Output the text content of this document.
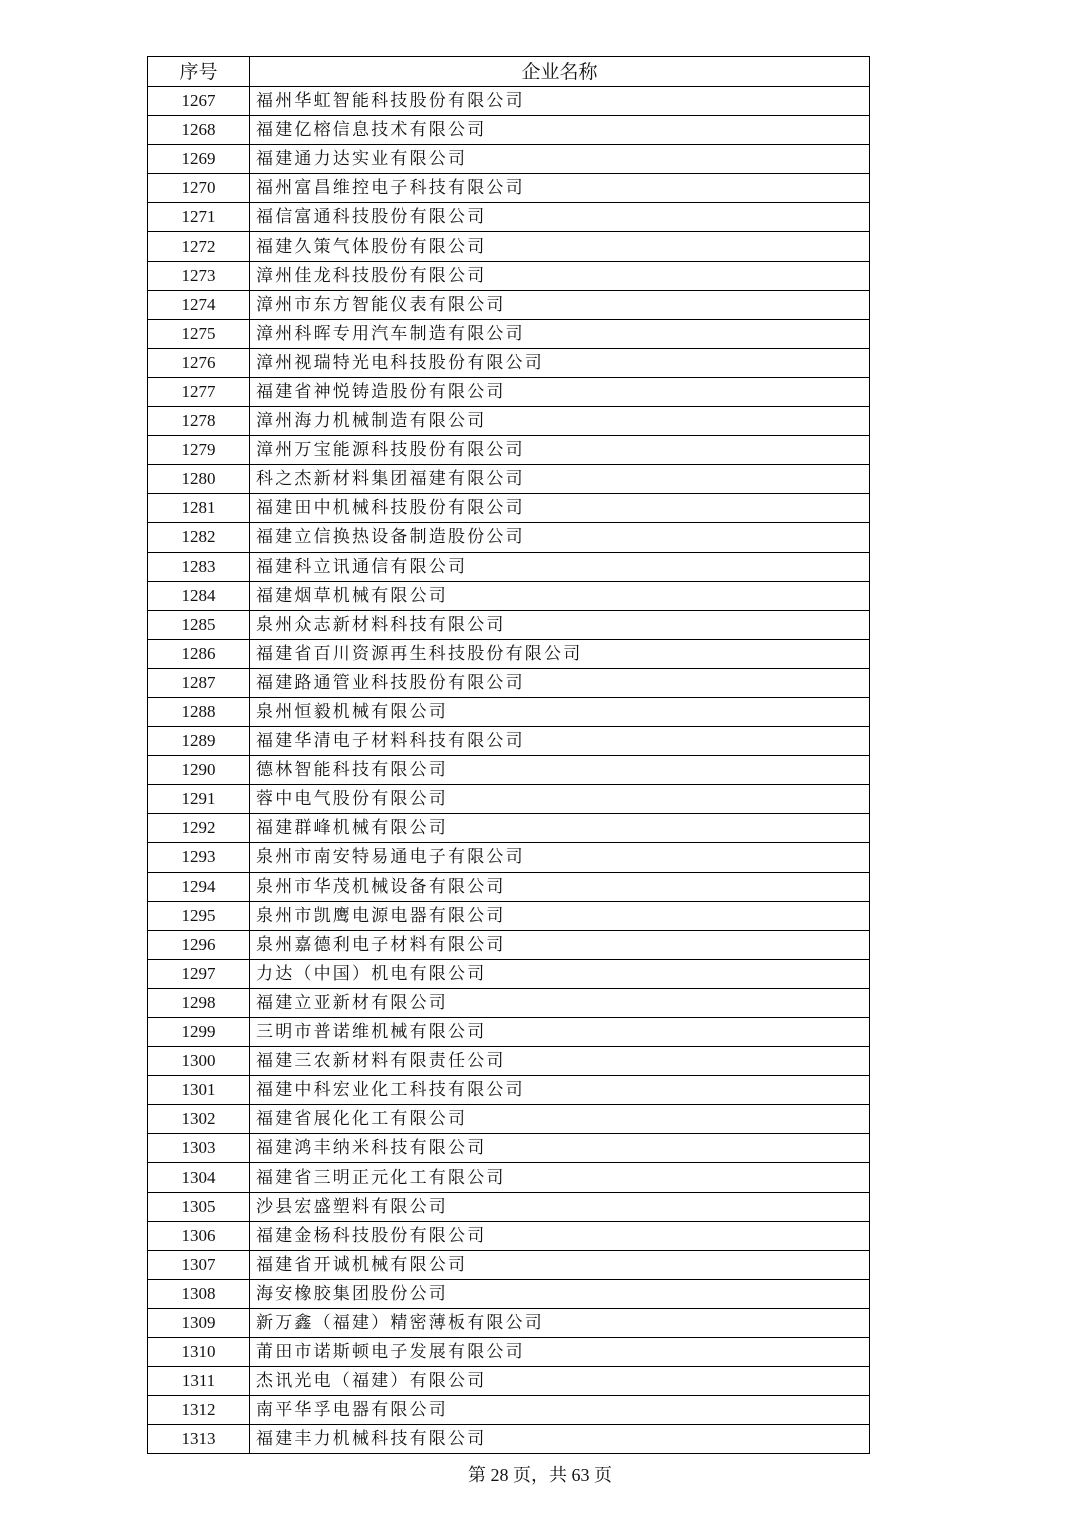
序号	企业名称
1267	福州华虹智能科技股份有限公司
1268	福建亿榕信息技术有限公司
1269	福建通力达实业有限公司
1270	福州富昌维控电子科技有限公司
1271	福信富通科技股份有限公司
1272	福建久策气体股份有限公司
1273	漳州佳龙科技股份有限公司
1274	漳州市东方智能仪表有限公司
1275	漳州科晖专用汽车制造有限公司
1276	漳州视瑞特光电科技股份有限公司
1277	福建省神悦铸造股份有限公司
1278	漳州海力机械制造有限公司
1279	漳州万宝能源科技股份有限公司
1280	科之杰新材料集团福建有限公司
1281	福建田中机械科技股份有限公司
1282	福建立信换热设备制造股份公司
1283	福建科立讯通信有限公司
1284	福建烟草机械有限公司
1285	泉州众志新材料科技有限公司
1286	福建省百川资源再生科技股份有限公司
1287	福建路通管业科技股份有限公司
1288	泉州恒毅机械有限公司
1289	福建华清电子材料科技有限公司
1290	德林智能科技有限公司
1291	蓉中电气股份有限公司
1292	福建群峰机械有限公司
1293	泉州市南安特易通电子有限公司
1294	泉州市华茂机械设备有限公司
1295	泉州市凯鹰电源电器有限公司
1296	泉州嘉德利电子材料有限公司
1297	力达（中国）机电有限公司
1298	福建立亚新材有限公司
1299	三明市普诺维机械有限公司
1300	福建三农新材料有限责任公司
1301	福建中科宏业化工科技有限公司
1302	福建省展化化工有限公司
1303	福建鸿丰纳米科技有限公司
1304	福建省三明正元化工有限公司
1305	沙县宏盛塑料有限公司
1306	福建金杨科技股份有限公司
1307	福建省开诚机械有限公司
1308	海安橡胶集团股份公司
1309	新万鑫（福建）精密薄板有限公司
1310	莆田市诺斯顿电子发展有限公司
1311	杰讯光电（福建）有限公司
1312	南平华孚电器有限公司
1313	福建丰力机械科技有限公司
第 28 页，共 63 页
